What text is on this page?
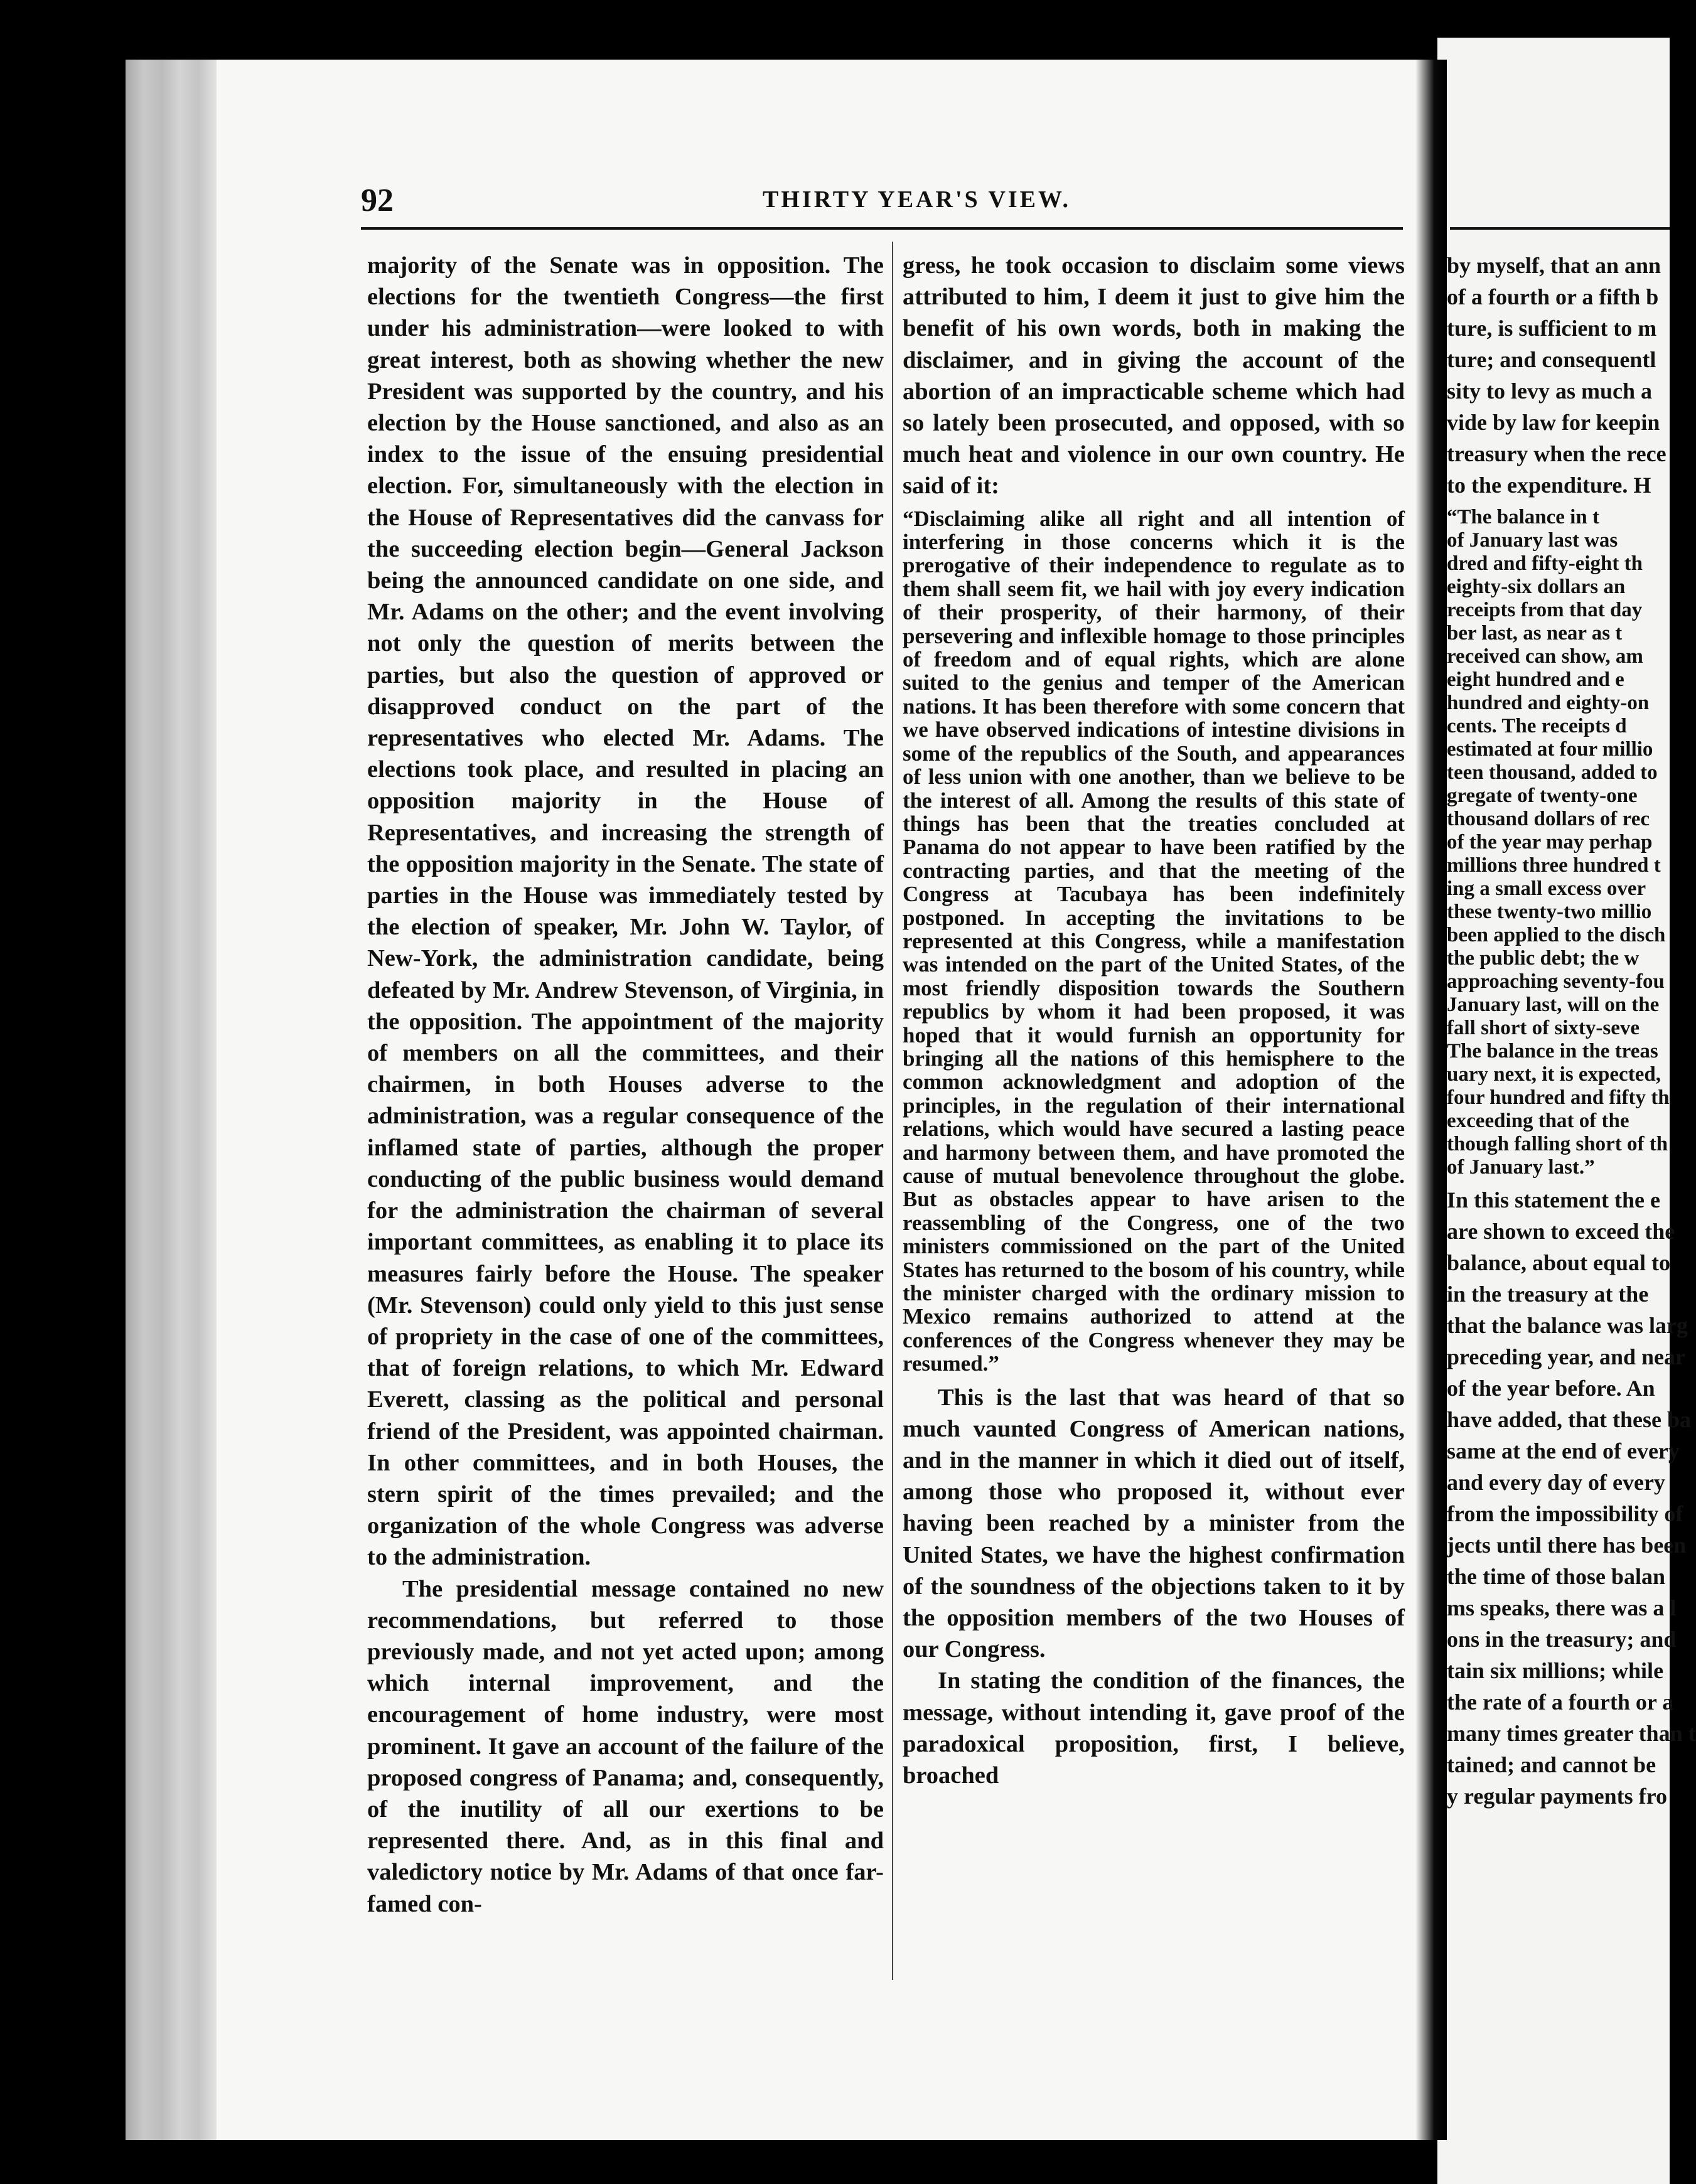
92	THIRTY YEAR'S VIEW.

majority of the Senate was in opposition. The elections for the twentieth Congress—the first under his administration—were looked to with great interest, both as showing whether the new President was supported by the country, and his election by the House sanctioned, and also as an index to the issue of the ensuing presidential election. For, simultaneously with the election in the House of Representatives did the canvass for the succeeding election begin—General Jackson being the announced candidate on one side, and Mr. Adams on the other; and the event involving not only the question of merits between the parties, but also the question of approved or disapproved conduct on the part of the representatives who elected Mr. Adams. The elections took place, and resulted in placing an opposition majority in the House of Representatives, and increasing the strength of the opposition majority in the Senate. The state of parties in the House was immediately tested by the election of speaker, Mr. John W. Taylor, of New-York, the administration candidate, being defeated by Mr. Andrew Stevenson, of Virginia, in the opposition. The appointment of the majority of members on all the committees, and their chairmen, in both Houses adverse to the administration, was a regular consequence of the inflamed state of parties, although the proper conducting of the public business would demand for the administration the chairman of several important committees, as enabling it to place its measures fairly before the House. The speaker (Mr. Stevenson) could only yield to this just sense of propriety in the case of one of the committees, that of foreign relations, to which Mr. Edward Everett, classing as the political and personal friend of the President, was appointed chairman. In other committees, and in both Houses, the stern spirit of the times prevailed; and the organization of the whole Congress was adverse to the administration.

The presidential message contained no new recommendations, but referred to those previously made, and not yet acted upon; among which internal improvement, and the encouragement of home industry, were most prominent. It gave an account of the failure of the proposed congress of Panama; and, consequently, of the inutility of all our exertions to be represented there. And, as in this final and valedictory notice by Mr. Adams of that once far-famed con-

gress, he took occasion to disclaim some views attributed to him, I deem it just to give him the benefit of his own words, both in making the disclaimer, and in giving the account of the abortion of an impracticable scheme which had so lately been prosecuted, and opposed, with so much heat and violence in our own country. He said of it:

“Disclaiming alike all right and all intention of interfering in those concerns which it is the prerogative of their independence to regulate as to them shall seem fit, we hail with joy every indication of their prosperity, of their harmony, of their persevering and inflexible homage to those principles of freedom and of equal rights, which are alone suited to the genius and temper of the American nations. It has been therefore with some concern that we have observed indications of intestine divisions in some of the republics of the South, and appearances of less union with one another, than we believe to be the interest of all. Among the results of this state of things has been that the treaties concluded at Panama do not appear to have been ratified by the contracting parties, and that the meeting of the Congress at Tacubaya has been indefinitely postponed. In accepting the invitations to be represented at this Congress, while a manifestation was intended on the part of the United States, of the most friendly disposition towards the Southern republics by whom it had been proposed, it was hoped that it would furnish an opportunity for bringing all the nations of this hemisphere to the common acknowledgment and adoption of the principles, in the regulation of their international relations, which would have secured a lasting peace and harmony between them, and have promoted the cause of mutual benevolence throughout the globe. But as obstacles appear to have arisen to the reassembling of the Congress, one of the two ministers commissioned on the part of the United States has returned to the bosom of his country, while the minister charged with the ordinary mission to Mexico remains authorized to attend at the conferences of the Congress whenever they may be resumed.”

This is the last that was heard of that so much vaunted Congress of American nations, and in the manner in which it died out of itself, among those who proposed it, without ever having been reached by a minister from the United States, we have the highest confirmation of the soundness of the objections taken to it by the opposition members of the two Houses of our Congress.

In stating the condition of the finances, the message, without intending it, gave proof of the paradoxical proposition, first, I believe, broached

by myself, that an ann
of a fourth or a fifth b
ture, is sufficient to m
ture; and consequentl
sity to levy as much a
vide by law for keepin
treasury when the rece
to the expenditure. H
“The balance in t
of January last was
dred and fifty-eight th
eighty-six dollars an
receipts from that day
ber last, as near as t
received can show, am
eight hundred and e
hundred and eighty-on
cents. The receipts d
estimated at four millio
teen thousand, added to
gregate of twenty-one
thousand dollars of rec
of the year may perhap
millions three hundred t
ing a small excess over
these twenty-two millio
been applied to the disch
the public debt; the w
approaching seventy-fou
January last, will on the
fall short of sixty-seve
The balance in the treas
uary next, it is expected,
four hundred and fifty th
exceeding that of the
though falling short of th
of January last.”
In this statement the e
are shown to exceed the
balance, about equal to
in the treasury at the
that the balance was larg
preceding year, and near
of the year before. An
have added, that these ba
same at the end of every
and every day of every
from the impossibility of
jects until there has been
the time of those balan
ms speaks, there was a l
ons in the treasury; and
tain six millions; while
the rate of a fourth or a
many times greater than t
tained; and cannot be
y regular payments fro
